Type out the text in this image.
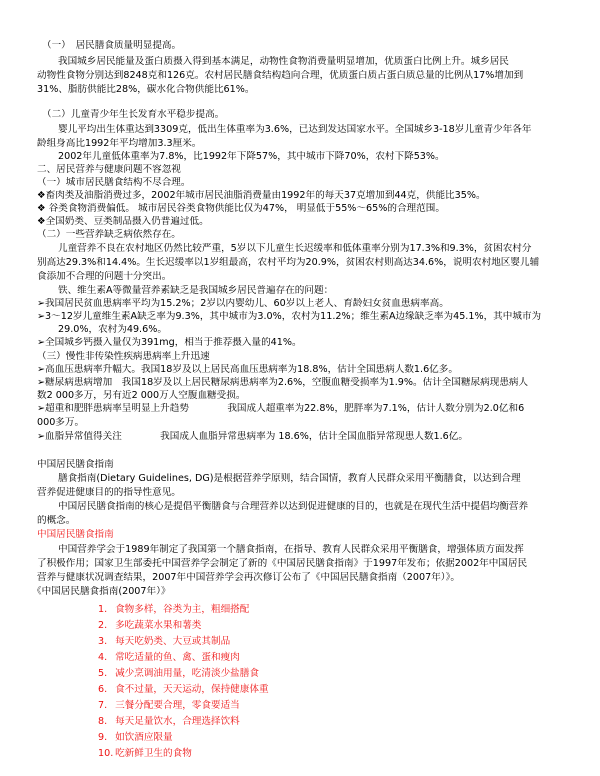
（一）　居民膳食质量明显提高。
我国城乡居民能量及蛋白质摄入得到基本满足，动物性食物消费量明显增加，优质蛋白比例上升。城乡居民
动物性食物分别达到8248克和126克。农村居民膳食结构趋向合理，优质蛋白质占蛋白质总量的比例从17%增加到
31%、脂肪供能比28%，碳水化合物供能比61%。
（二）儿童青少年生长发育水平稳步提高。
婴儿平均出生体重达到3309克，低出生体重率为3.6%，已达到发达国家水平。全国城乡3-18岁儿童青少年各年
龄组身高比1992年平均增加3.3厘米。
2002年儿童低体重率为7.8%，比1992年下降57%，其中城市下降70%，农村下降53%。
二、居民营养与健康问题不容忽视
（一）城市居民膳食结构不尽合理。
❖畜肉类及油脂消费过多，2002年城市居民油脂消费量由1992年的每天37克增加到44克，供能比35%。
❖ 谷类食物消费偏低。 城市居民谷类食物供能比仅为47%， 明显低于55%～65%的合理范围。
❖全国奶类、豆类制品摄入仍普遍过低。
（二）一些营养缺乏病依然存在。
儿童营养不良在农村地区仍然比较严重，5岁以下儿童生长迟缓率和低体重率分别为17.3%和9.3%，贫困农村分
别高达29.3%和14.4%。生长迟缓率以1岁组最高，农村平均为20.9%，贫困农村则高达34.6%，说明农村地区婴儿辅
食添加不合理的问题十分突出。
铁、维生素A等微量营养素缺乏是我国城乡居民普遍存在的问题：
➢我国居民贫血患病率平均为15.2%；2岁以内婴幼儿、60岁以上老人、育龄妇女贫血患病率高。
➢3～12岁儿童维生素A缺乏率为9.3%，其中城市为3.0%，农村为11.2%；维生素A边缘缺乏率为45.1%，其中城市为
29.0%，农村为49.6%。
➢全国城乡钙摄入量仅为391mg，相当于推荐摄入量的41%。
（三）慢性非传染性疾病患病率上升迅速
➢高血压患病率升幅大。我国18岁及以上居民高血压患病率为18.8%，估计全国患病人数1.6亿多。
➢糖尿病患病增加　我国18岁及以上居民糖尿病患病率为2.6%，空腹血糖受损率为1.9%。估计全国糖尿病现患病人
数2 000多万，另有近2 000万人空腹血糖受损。
➢超重和肥胖患病率呈明显上升趋势　　　　我国成人超重率为22.8%，肥胖率为7.1%，估计人数分别为2.0亿和6
000多万。
➢血脂异常值得关注　　　　我国成人血脂异常患病率为 18.6%，估计全国血脂异常现患人数1.6亿。
中国居民膳食指南
膳食指南(Dietary Guidelines, DG)是根据营养学原则，结合国情，教育人民群众采用平衡膳食，以达到合理
营养促进健康目的的指导性意见。
中国居民膳食指南的核心是提倡平衡膳食与合理营养以达到促进健康的目的，也就是在现代生活中提倡均衡营养
的概念。
中国居民膳食指南
中国营养学会于1989年制定了我国第一个膳食指南，在指导、教育人民群众采用平衡膳食，增强体质方面发挥
了积极作用；国家卫生部委托中国营养学会制定了新的《中国居民膳食指南》于1997年发布；依据2002年中国居民
营养与健康状况调查结果，2007年中国营养学会再次修订公布了《中国居民膳食指南（2007年）》。
《中国居民膳食指南(2007年）》
1. 食物多样，谷类为主，粗细搭配
2. 多吃蔬菜水果和薯类
3. 每天吃奶类、大豆或其制品
4. 常吃适量的鱼、禽、蛋和瘦肉
5. 减少烹调油用量，吃清淡少盐膳食
6. 食不过量，天天运动，保持健康体重
7. 三餐分配要合理，零食要适当
8. 每天足量饮水，合理选择饮料
9. 如饮酒应限量
10. 吃新鲜卫生的食物
